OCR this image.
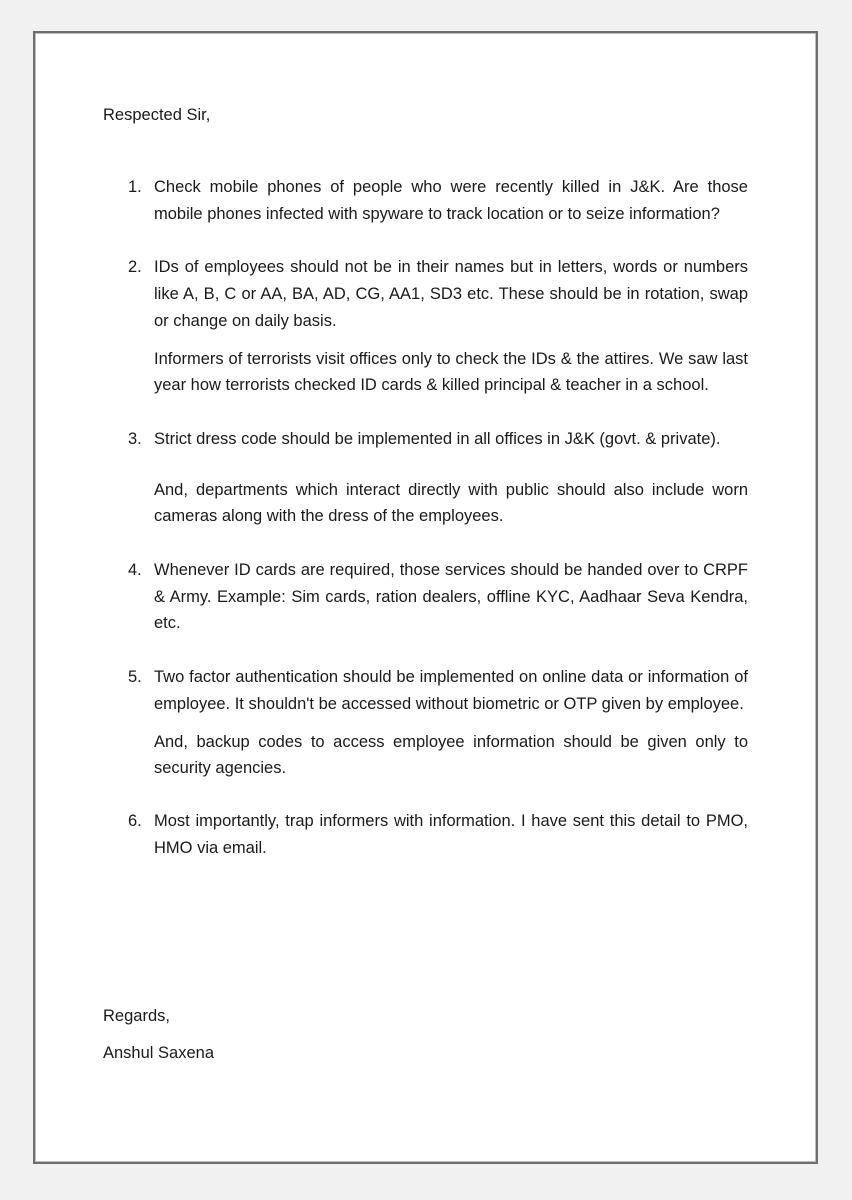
Respected Sir,

1. Check mobile phones of people who were recently killed in J&K. Are those mobile phones infected with spyware to track location or to seize information?

2. IDs of employees should not be in their names but in letters, words or numbers like A, B, C or AA, BA, AD, CG, AA1, SD3 etc. These should be in rotation, swap or change on daily basis.

Informers of terrorists visit offices only to check the IDs & the attires. We saw last year how terrorists checked ID cards & killed principal & teacher in a school.

3. Strict dress code should be implemented in all offices in J&K (govt. & private).

And, departments which interact directly with public should also include worn cameras along with the dress of the employees.

4. Whenever ID cards are required, those services should be handed over to CRPF & Army. Example: Sim cards, ration dealers, offline KYC, Aadhaar Seva Kendra, etc.

5. Two factor authentication should be implemented on online data or information of employee. It shouldn't be accessed without biometric or OTP given by employee.

And, backup codes to access employee information should be given only to security agencies.

6. Most importantly, trap informers with information. I have sent this detail to PMO, HMO via email.

Regards,

Anshul Saxena
